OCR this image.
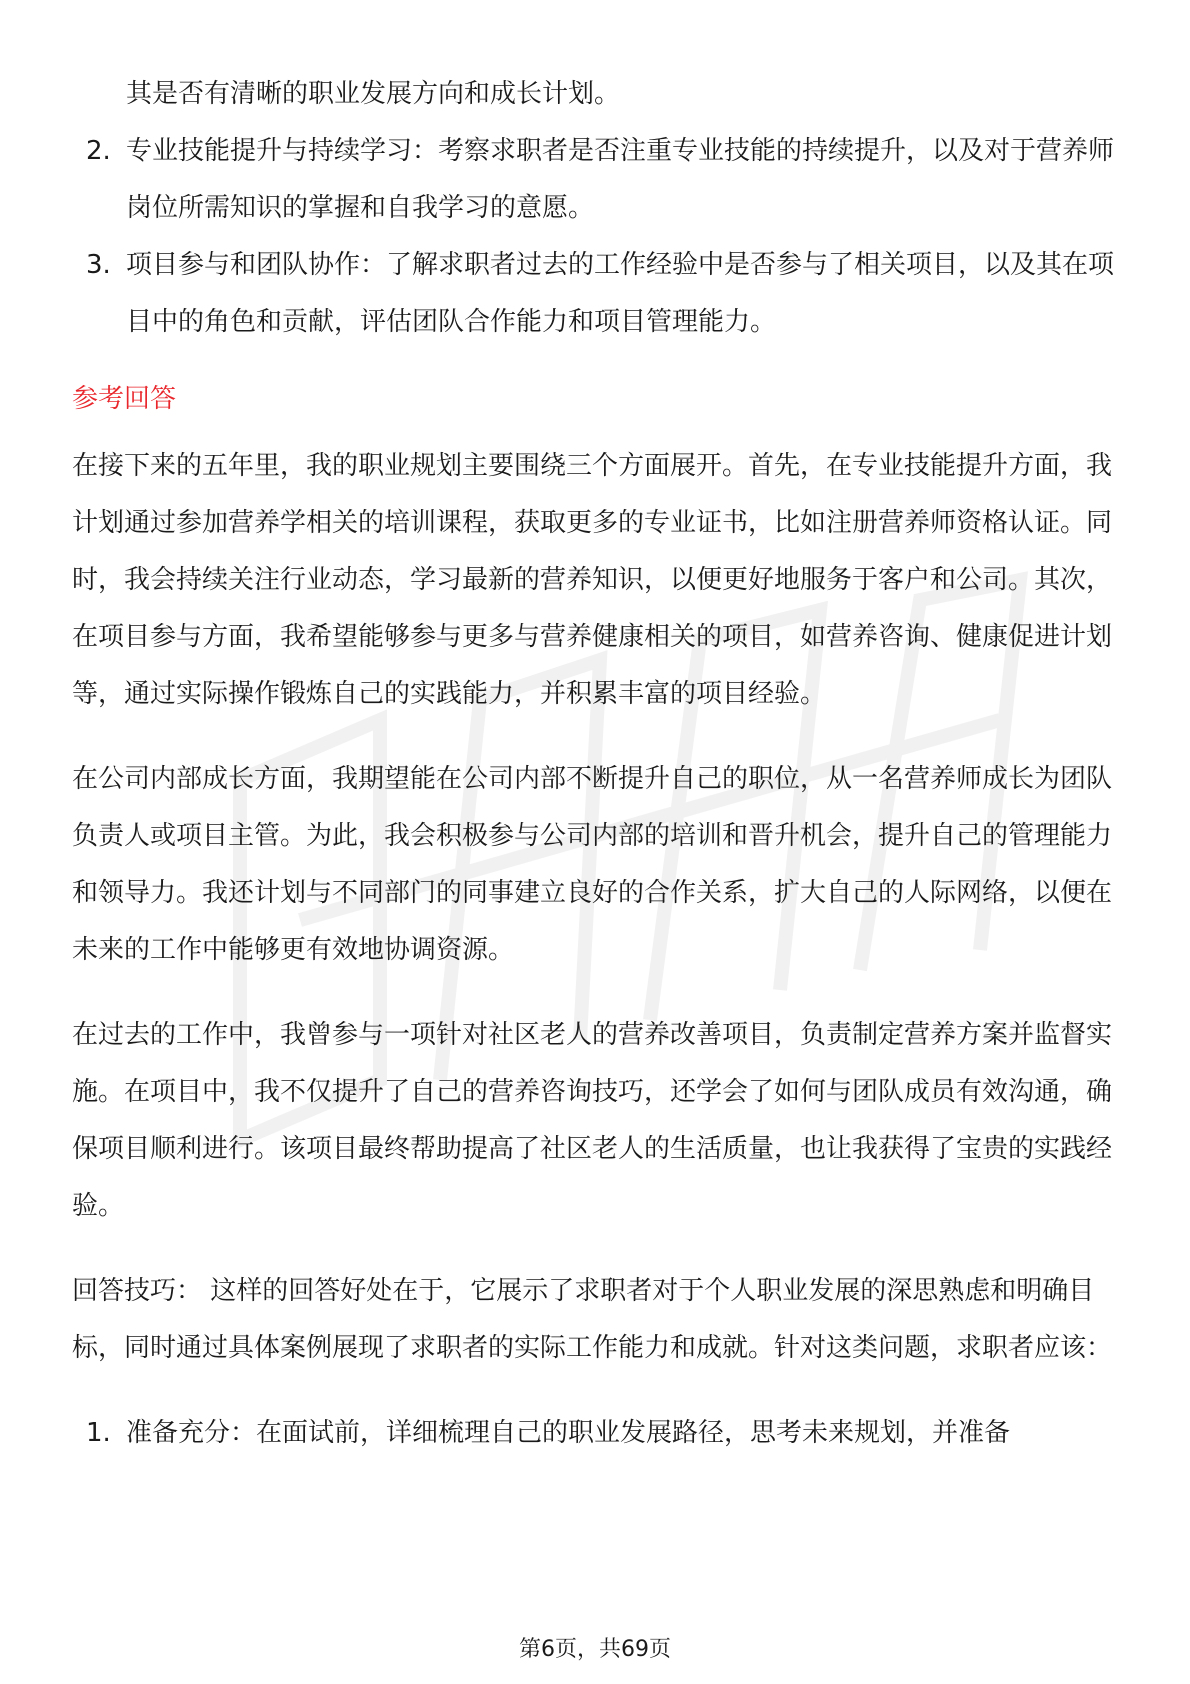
其是否有清晰的职业发展方向和成长计划。
2. 专业技能提升与持续学习：考察求职者是否注重专业技能的持续提升，以及对于营养师岗位所需知识的掌握和自我学习的意愿。
3. 项目参与和团队协作：了解求职者过去的工作经验中是否参与了相关项目，以及其在项目中的角色和贡献，评估团队合作能力和项目管理能力。
参考回答

在接下来的五年里，我的职业规划主要围绕三个方面展开。首先，在专业技能提升方面，我计划通过参加营养学相关的培训课程，获取更多的专业证书，比如注册营养师资格认证。同时，我会持续关注行业动态，学习最新的营养知识，以便更好地服务于客户和公司。其次，在项目参与方面，我希望能够参与更多与营养健康相关的项目，如营养咨询、健康促进计划等，通过实际操作锻炼自己的实践能力，并积累丰富的项目经验。

在公司内部成长方面，我期望能在公司内部不断提升自己的职位，从一名营养师成长为团队负责人或项目主管。为此，我会积极参与公司内部的培训和晋升机会，提升自己的管理能力和领导力。我还计划与不同部门的同事建立良好的合作关系，扩大自己的人际网络，以便在未来的工作中能够更有效地协调资源。

在过去的工作中，我曾参与一项针对社区老人的营养改善项目，负责制定营养方案并监督实施。在项目中，我不仅提升了自己的营养咨询技巧，还学会了如何与团队成员有效沟通，确保项目顺利进行。该项目最终帮助提高了社区老人的生活质量，也让我获得了宝贵的实践经验。

回答技巧： 这样的回答好处在于，它展示了求职者对于个人职业发展的深思熟虑和明确目标，同时通过具体案例展现了求职者的实际工作能力和成就。针对这类问题，求职者应该：

1. 准备充分：在面试前，详细梳理自己的职业发展路径，思考未来规划，并准备
第6页，共69页
